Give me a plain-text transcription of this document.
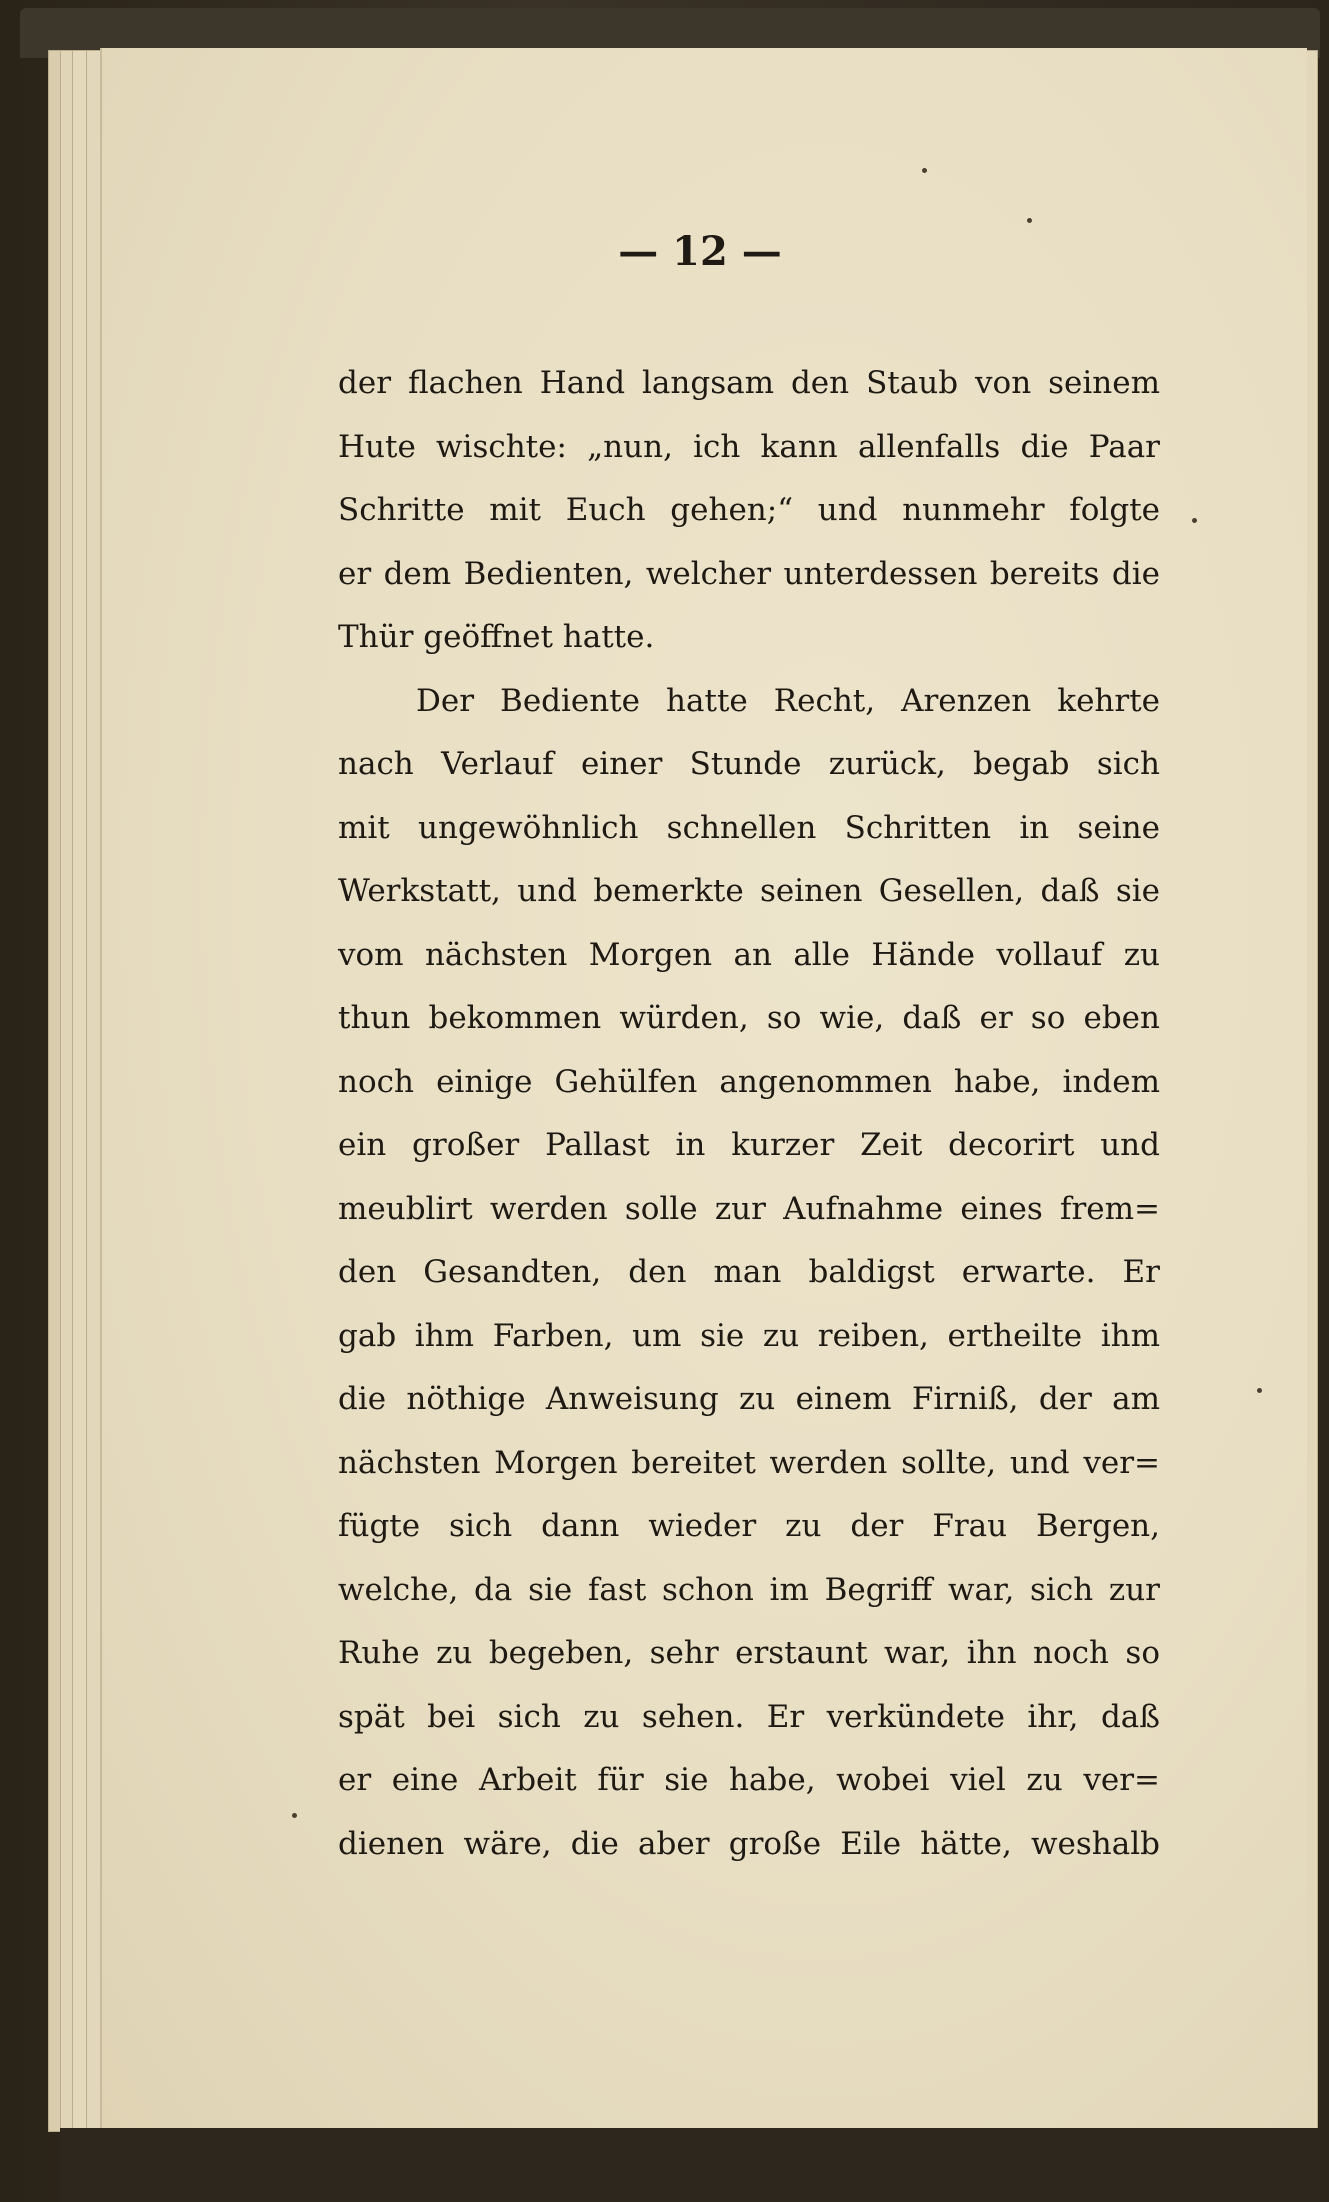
— 12 —
der flachen Hand langsam den Staub von seinem
Hute wischte: „nun, ich kann allenfalls die Paar
Schritte mit Euch gehen;“ und nunmehr folgte
er dem Bedienten, welcher unterdessen bereits die
Thür geöffnet hatte.
Der Bediente hatte Recht, Arenzen kehrte
nach Verlauf einer Stunde zurück, begab sich
mit ungewöhnlich schnellen Schritten in seine
Werkstatt, und bemerkte seinen Gesellen, daß sie
vom nächsten Morgen an alle Hände vollauf zu
thun bekommen würden, so wie, daß er so eben
noch einige Gehülfen angenommen habe, indem
ein großer Pallast in kurzer Zeit decorirt und
meublirt werden solle zur Aufnahme eines frem=
den Gesandten, den man baldigst erwarte. Er
gab ihm Farben, um sie zu reiben, ertheilte ihm
die nöthige Anweisung zu einem Firniß, der am
nächsten Morgen bereitet werden sollte, und ver=
fügte sich dann wieder zu der Frau Bergen,
welche, da sie fast schon im Begriff war, sich zur
Ruhe zu begeben, sehr erstaunt war, ihn noch so
spät bei sich zu sehen. Er verkündete ihr, daß
er eine Arbeit für sie habe, wobei viel zu ver=
dienen wäre, die aber große Eile hätte, weshalb
